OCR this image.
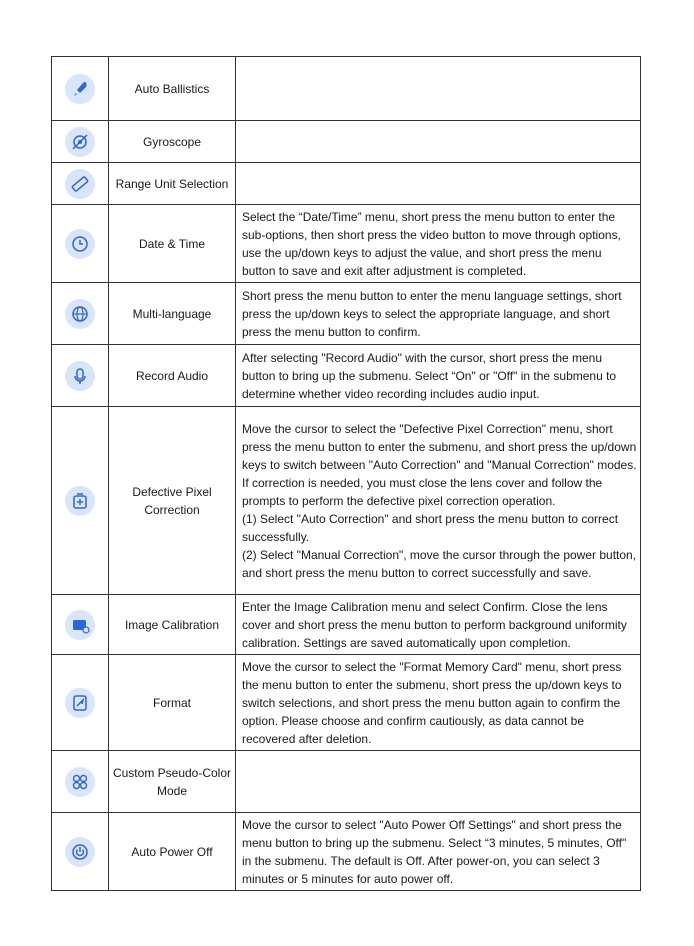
	Auto Ballistics	

	Gyroscope	

	Range Unit Selection	

	Date & Time	Select the “Date/Time” menu, short press the menu button to enter the sub-options, then short press the video button to move through options, use the up/down keys to adjust the value, and short press the menu button to save and exit after adjustment is completed.

	Multi-language	Short press the menu button to enter the menu language settings, short press the up/down keys to select the appropriate language, and short press the menu button to confirm.

	Record Audio	After selecting "Record Audio" with the cursor, short press the menu button to bring up the submenu. Select “On" or "Off" in the submenu to determine whether video recording includes audio input.

	Defective Pixel Correction	Move the cursor to select the "Defective Pixel Correction" menu, short press the menu button to enter the submenu, and short press the up/down keys to switch between "Auto Correction" and "Manual Correction" modes. If correction is needed, you must close the lens cover and follow the prompts to perform the defective pixel correction operation.
(1) Select "Auto Correction" and short press the menu button to correct successfully.
(2) Select "Manual Correction", move the cursor through the power button, and short press the menu button to correct successfully and save.

	Image Calibration	Enter the Image Calibration menu and select Confirm. Close the lens cover and short press the menu button to perform background uniformity calibration. Settings are saved automatically upon completion.

	Format	Move the cursor to select the "Format Memory Card" menu, short press the menu button to enter the submenu, short press the up/down keys to switch selections, and short press the menu button again to confirm the option. Please choose and confirm cautiously, as data cannot be recovered after deletion.

	Custom Pseudo-Color Mode	

	Auto Power Off	Move the cursor to select "Auto Power Off Settings" and short press the menu button to bring up the submenu. Select “3 minutes, 5 minutes, Off" in the submenu. The default is Off. After power-on, you can select 3 minutes or 5 minutes for auto power off.
